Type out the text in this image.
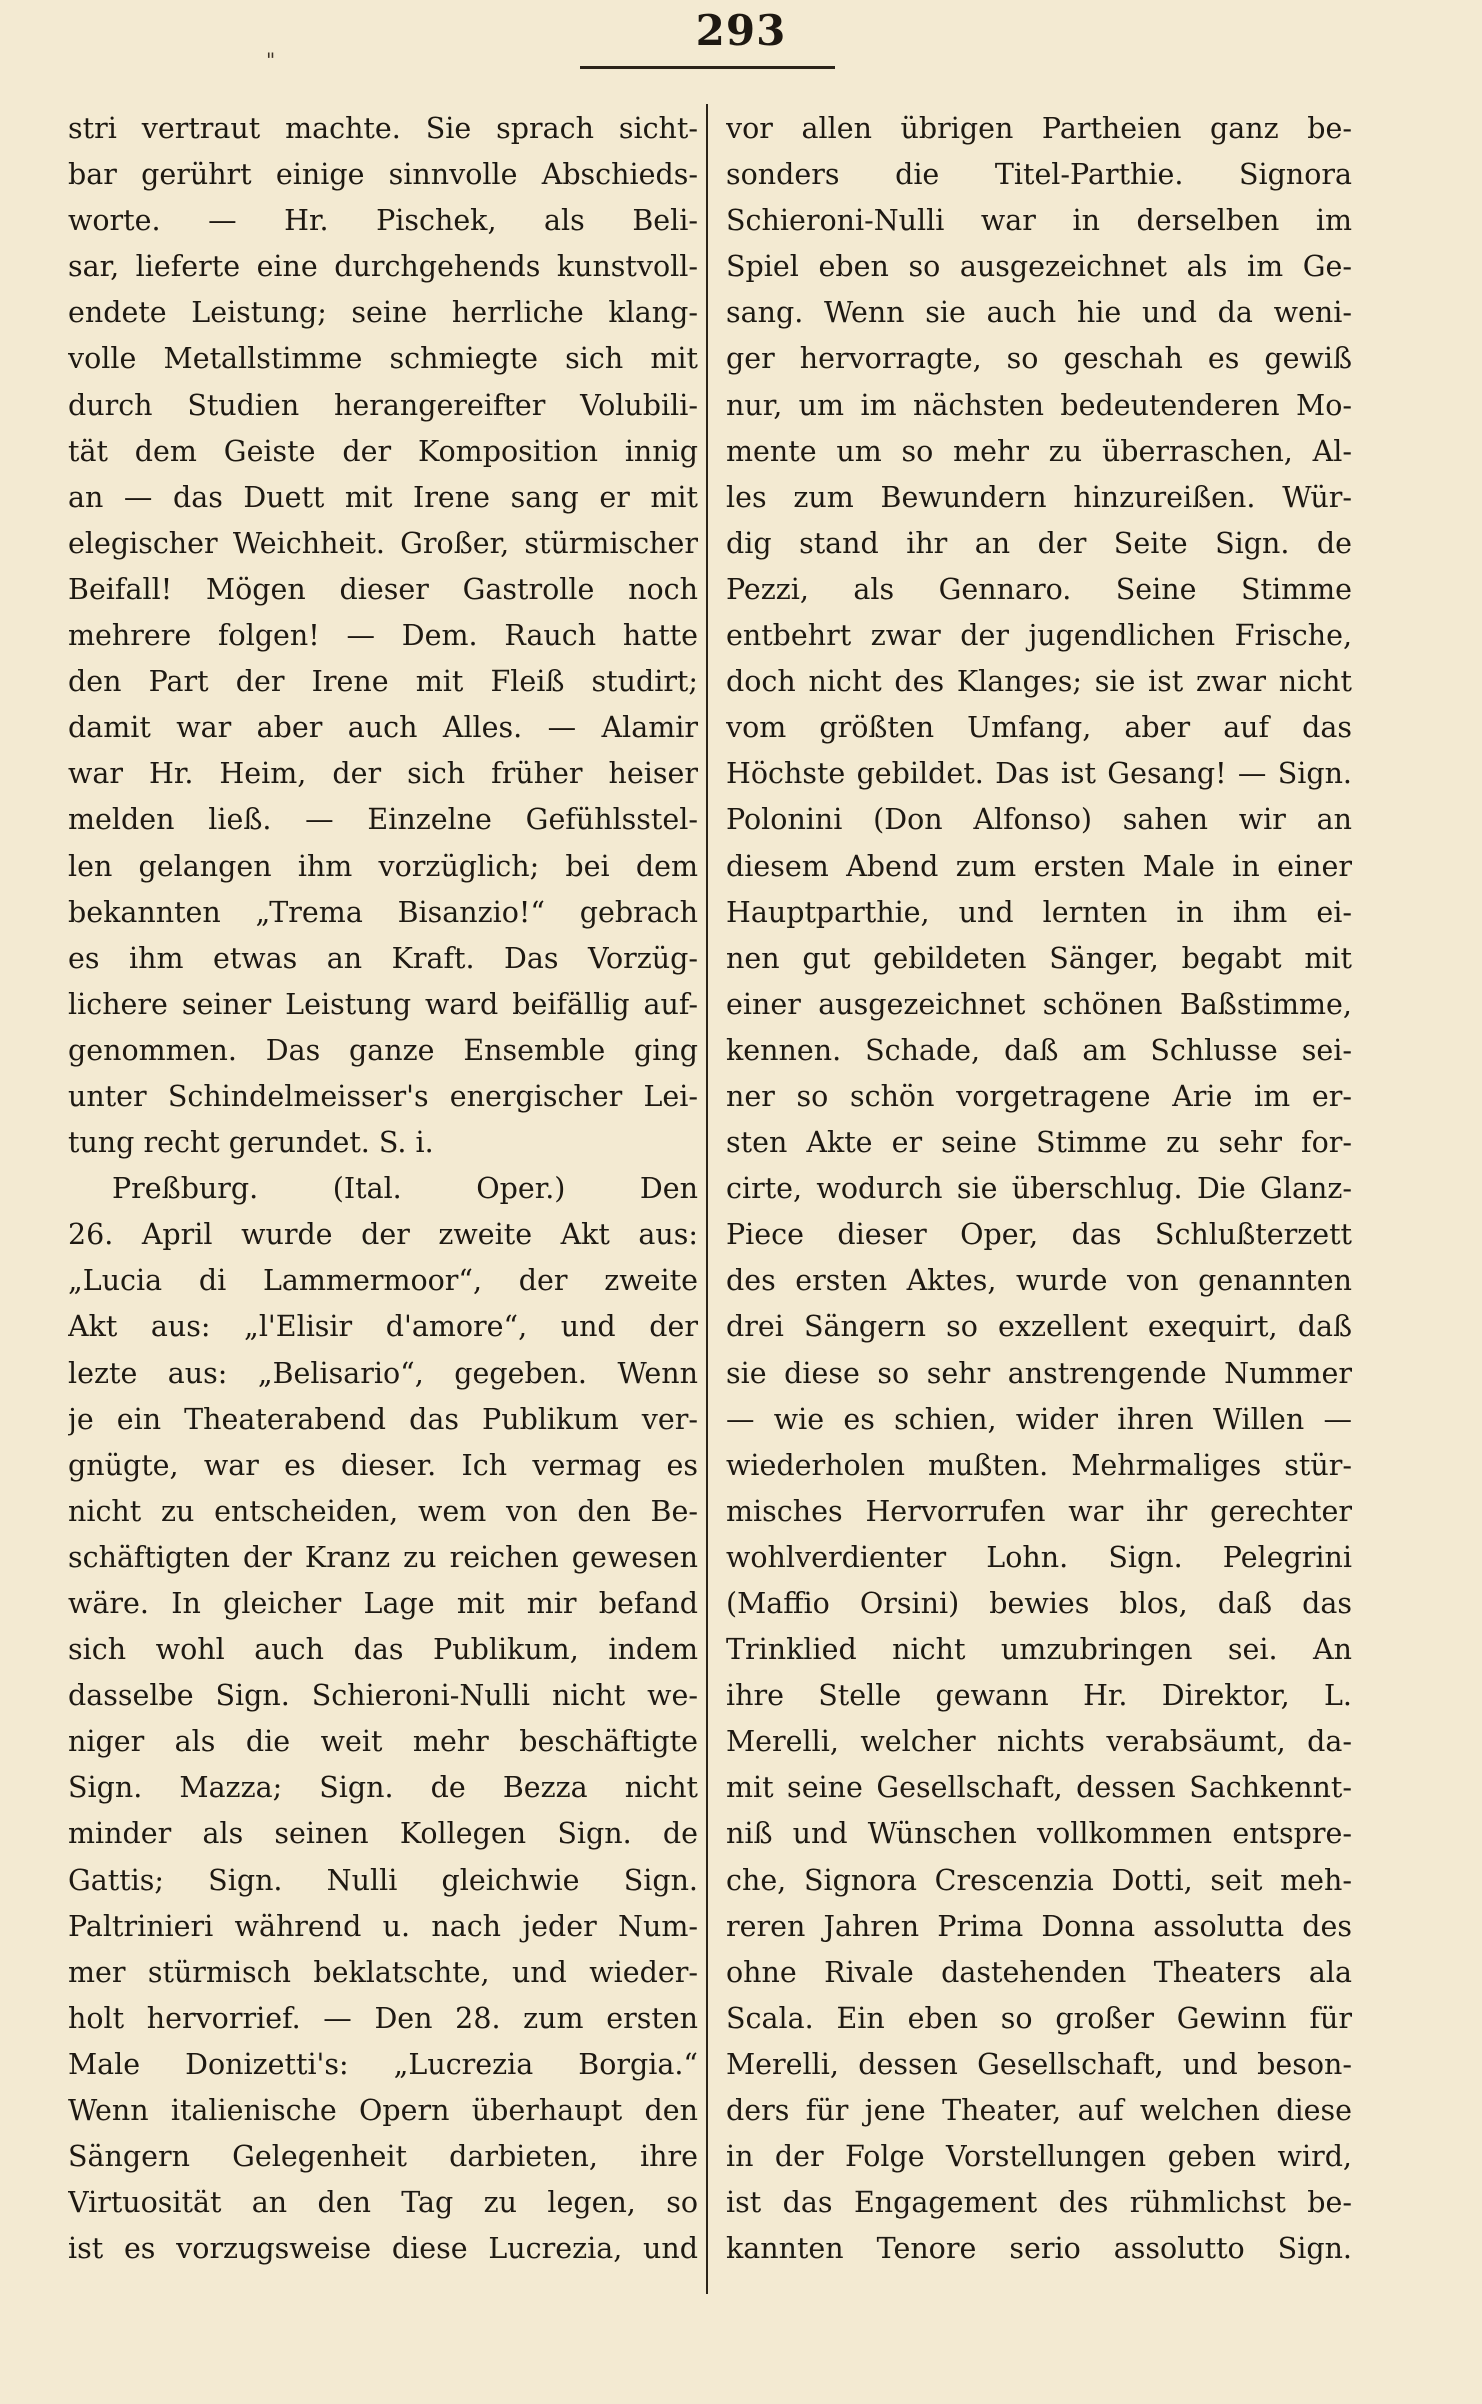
"
293
stri vertraut machte. Sie sprach sicht-
bar gerührt einige sinnvolle Abschieds-
worte. — Hr. Pischek, als Beli-
sar, lieferte eine durchgehends kunstvoll-
endete Leistung; seine herrliche klang-
volle Metallstimme schmiegte sich mit
durch Studien herangereifter Volubili-
tät dem Geiste der Komposition innig
an — das Duett mit Irene sang er mit
elegischer Weichheit. Großer, stürmischer
Beifall! Mögen dieser Gastrolle noch
mehrere folgen! — Dem. Rauch hatte
den Part der Irene mit Fleiß studirt;
damit war aber auch Alles. — Alamir
war Hr. Heim, der sich früher heiser
melden ließ. — Einzelne Gefühlsstel-
len gelangen ihm vorzüglich; bei dem
bekannten „Trema Bisanzio!“ gebrach
es ihm etwas an Kraft. Das Vorzüg-
lichere seiner Leistung ward beifällig auf-
genommen. Das ganze Ensemble ging
unter Schindelmeisser's energischer Lei-
tung recht gerundet. S. i.
Preßburg. (Ital. Oper.) Den
26. April wurde der zweite Akt aus:
„Lucia di Lammermoor“, der zweite
Akt aus: „l'Elisir d'amore“, und der
lezte aus: „Belisario“, gegeben. Wenn
je ein Theaterabend das Publikum ver-
gnügte, war es dieser. Ich vermag es
nicht zu entscheiden, wem von den Be-
schäftigten der Kranz zu reichen gewesen
wäre. In gleicher Lage mit mir befand
sich wohl auch das Publikum, indem
dasselbe Sign. Schieroni-Nulli nicht we-
niger als die weit mehr beschäftigte
Sign. Mazza; Sign. de Bezza nicht
minder als seinen Kollegen Sign. de
Gattis; Sign. Nulli gleichwie Sign.
Paltrinieri während u. nach jeder Num-
mer stürmisch beklatschte, und wieder-
holt hervorrief. — Den 28. zum ersten
Male Donizetti's: „Lucrezia Borgia.“
Wenn italienische Opern überhaupt den
Sängern Gelegenheit darbieten, ihre
Virtuosität an den Tag zu legen, so
ist es vorzugsweise diese Lucrezia, und
vor allen übrigen Partheien ganz be-
sonders die Titel-Parthie. Signora
Schieroni-Nulli war in derselben im
Spiel eben so ausgezeichnet als im Ge-
sang. Wenn sie auch hie und da weni-
ger hervorragte, so geschah es gewiß
nur, um im nächsten bedeutenderen Mo-
mente um so mehr zu überraschen, Al-
les zum Bewundern hinzureißen. Wür-
dig stand ihr an der Seite Sign. de
Pezzi, als Gennaro. Seine Stimme
entbehrt zwar der jugendlichen Frische,
doch nicht des Klanges; sie ist zwar nicht
vom größten Umfang, aber auf das
Höchste gebildet. Das ist Gesang! — Sign.
Polonini (Don Alfonso) sahen wir an
diesem Abend zum ersten Male in einer
Hauptparthie, und lernten in ihm ei-
nen gut gebildeten Sänger, begabt mit
einer ausgezeichnet schönen Baßstimme,
kennen. Schade, daß am Schlusse sei-
ner so schön vorgetragene Arie im er-
sten Akte er seine Stimme zu sehr for-
cirte, wodurch sie überschlug. Die Glanz-
Piece dieser Oper, das Schlußterzett
des ersten Aktes, wurde von genannten
drei Sängern so exzellent exequirt, daß
sie diese so sehr anstrengende Nummer
— wie es schien, wider ihren Willen —
wiederholen mußten. Mehrmaliges stür-
misches Hervorrufen war ihr gerechter
wohlverdienter Lohn. Sign. Pelegrini
(Maffio Orsini) bewies blos, daß das
Trinklied nicht umzubringen sei. An
ihre Stelle gewann Hr. Direktor, L.
Merelli, welcher nichts verabsäumt, da-
mit seine Gesellschaft, dessen Sachkennt-
niß und Wünschen vollkommen entspre-
che, Signora Crescenzia Dotti, seit meh-
reren Jahren Prima Donna assolutta des
ohne Rivale dastehenden Theaters ala
Scala. Ein eben so großer Gewinn für
Merelli, dessen Gesellschaft, und beson-
ders für jene Theater, auf welchen diese
in der Folge Vorstellungen geben wird,
ist das Engagement des rühmlichst be-
kannten Tenore serio assolutto Sign.
